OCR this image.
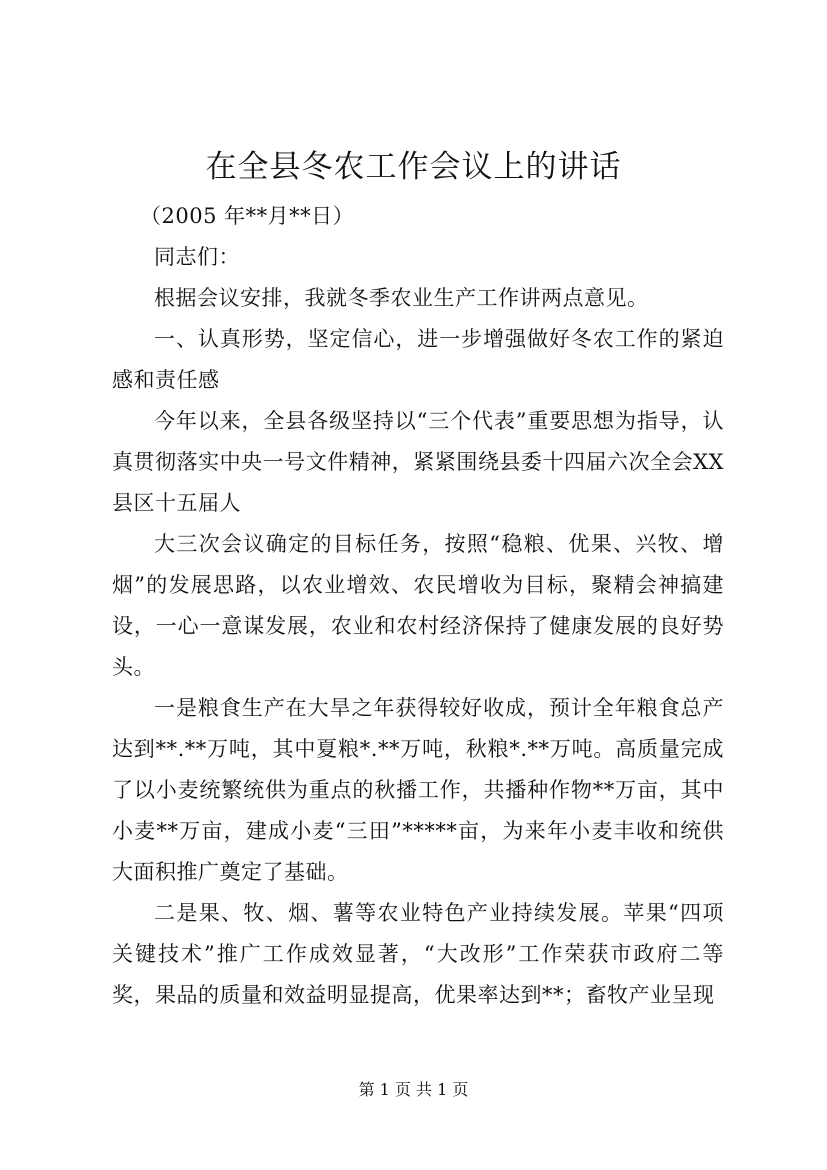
在全县冬农工作会议上的讲话

（2005 年**月**日）

同志们：

根据会议安排，我就冬季农业生产工作讲两点意见。

一、认真形势，坚定信心，进一步增强做好冬农工作的紧迫感和责任感

今年以来，全县各级坚持以“三个代表”重要思想为指导，认真贯彻落实中央一号文件精神，紧紧围绕县委十四届六次全会XX 县区十五届人

大三次会议确定的目标任务，按照“稳粮、优果、兴牧、增烟”的发展思路，以农业增效、农民增收为目标，聚精会神搞建设，一心一意谋发展，农业和农村经济保持了健康发展的良好势头。

一是粮食生产在大旱之年获得较好收成，预计全年粮食总产达到**.**万吨，其中夏粮*.**万吨，秋粮*.**万吨。高质量完成了以小麦统繁统供为重点的秋播工作，共播种作物**万亩，其中小麦**万亩，建成小麦“三田”*****亩，为来年小麦丰收和统供大面积推广奠定了基础。

二是果、牧、烟、薯等农业特色产业持续发展。苹果“四项关键技术”推广工作成效显著，“大改形”工作荣获市政府二等奖，果品的质量和效益明显提高，优果率达到**；畜牧产业呈现

第 1 页 共 1 页
